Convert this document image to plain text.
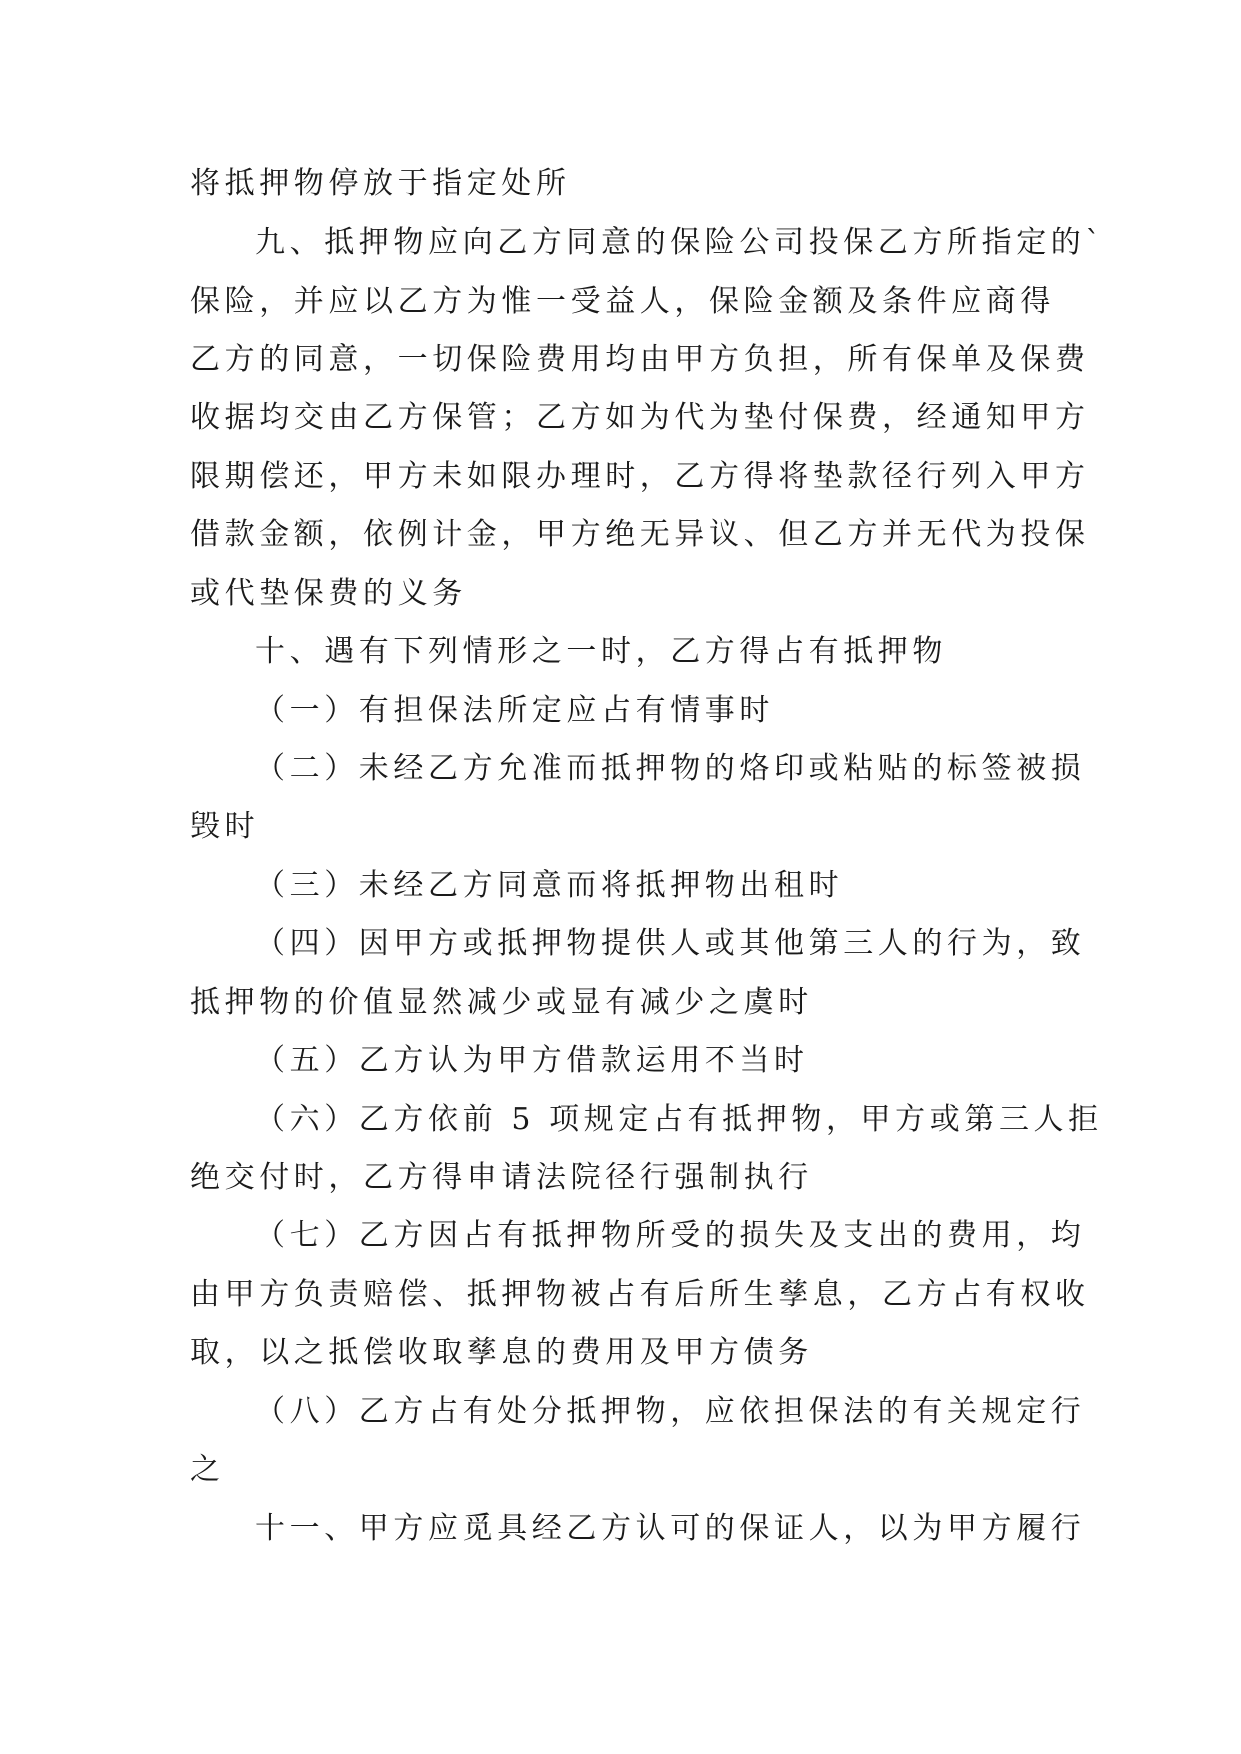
将抵押物停放于指定处所
九、抵押物应向乙方同意的保险公司投保乙方所指定的`
保险，并应以乙方为惟一受益人，保险金额及条件应商得
乙方的同意，一切保险费用均由甲方负担，所有保单及保费
收据均交由乙方保管；乙方如为代为垫付保费，经通知甲方
限期偿还，甲方未如限办理时，乙方得将垫款径行列入甲方
借款金额，依例计金，甲方绝无异议、但乙方并无代为投保
或代垫保费的义务
十、遇有下列情形之一时，乙方得占有抵押物
（一）有担保法所定应占有情事时
（二）未经乙方允准而抵押物的烙印或粘贴的标签被损
毁时
（三）未经乙方同意而将抵押物出租时
（四）因甲方或抵押物提供人或其他第三人的行为，致
抵押物的价值显然减少或显有减少之虞时
（五）乙方认为甲方借款运用不当时
（六）乙方依前 5 项规定占有抵押物，甲方或第三人拒
绝交付时，乙方得申请法院径行强制执行
（七）乙方因占有抵押物所受的损失及支出的费用，均
由甲方负责赔偿、抵押物被占有后所生孳息，乙方占有权收
取，以之抵偿收取孳息的费用及甲方债务
（八）乙方占有处分抵押物，应依担保法的有关规定行
之
十一、甲方应觅具经乙方认可的保证人，以为甲方履行
